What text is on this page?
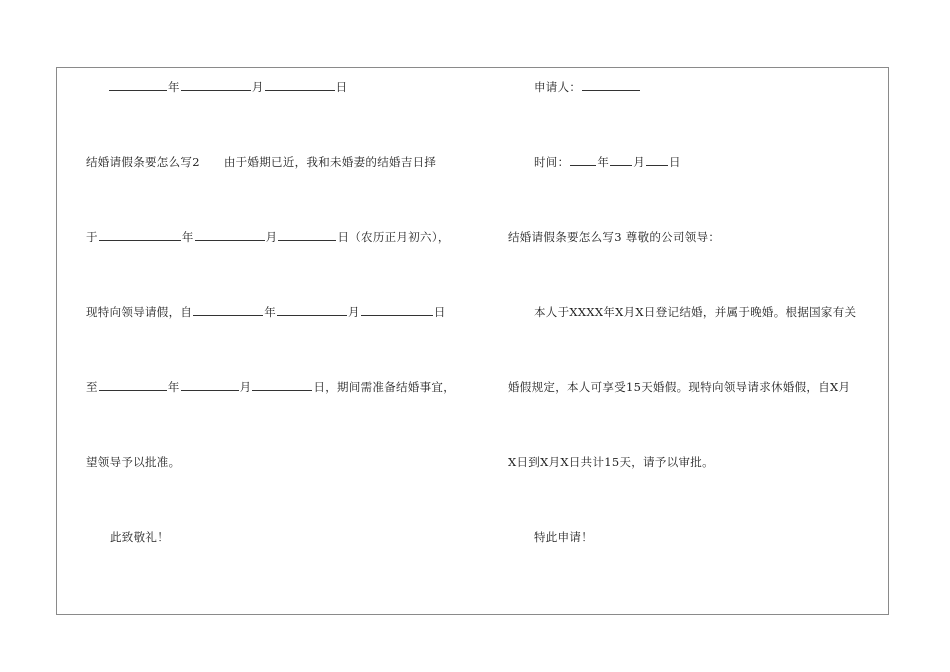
年	月	日
结婚请假条要怎么写2 由于婚期已近，我和未婚妻的结婚吉日择
于	年	月	日（农历正月初六），
现特向领导请假，自	年	月	日
至	年	月	日，期间需准备结婚事宜，
望领导予以批准。
此致敬礼！
申请人：
时间： 年 月 日
结婚请假条要怎么写3 尊敬的公司领导：
本人于XXXX年X月X日登记结婚，并属于晚婚。根据国家有关
婚假规定，本人可享受15天婚假。现特向领导请求休婚假，自X月
X日到X月X日共计15天，请予以审批。
特此申请！
